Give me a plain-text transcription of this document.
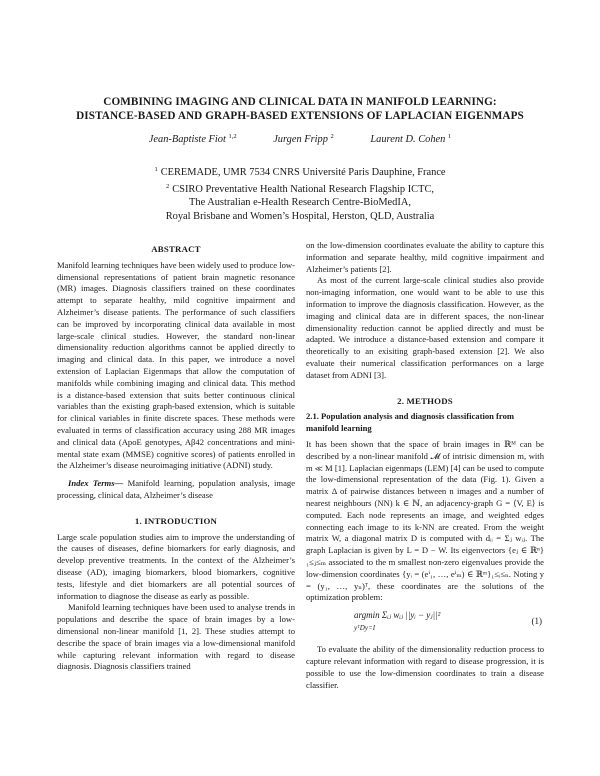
COMBINING IMAGING AND CLINICAL DATA IN MANIFOLD LEARNING:
DISTANCE-BASED AND GRAPH-BASED EXTENSIONS OF LAPLACIAN EIGENMAPS
Jean-Baptiste Fiot $^{1,2}$	Jurgen Fripp $^2$	Laurent D. Cohen $^1$
$^1$ CEREMADE, UMR 7534 CNRS Université Paris Dauphine, France
$^2$ CSIRO Preventative Health National Research Flagship ICTC,
The Australian e-Health Research Centre-BioMedIA,
Royal Brisbane and Women’s Hospital, Herston, QLD, Australia
ABSTRACT

Manifold learning techniques have been widely used to produce low-dimensional representations of patient brain magnetic resonance (MR) images. Diagnosis classifiers trained on these coordinates attempt to separate healthy, mild cognitive impairment and Alzheimer’s disease patients. The performance of such classifiers can be improved by incorporating clinical data available in most large-scale clinical studies. However, the standard non-linear dimensionality reduction algorithms cannot be applied directly to imaging and clinical data. In this paper, we introduce a novel extension of Laplacian Eigenmaps that allow the computation of manifolds while combining imaging and clinical data. This method is a distance-based extension that suits better continuous clinical variables than the existing graph-based extension, which is suitable for clinical variables in finite discrete spaces. These methods were evaluated in terms of classification accuracy using 288 MR images and clinical data (ApoE genotypes, Aβ42 concentrations and mini-mental state exam (MMSE) cognitive scores) of patients enrolled in the Alzheimer’s disease neuroimaging initiative (ADNI) study.

Index Terms— Manifold learning, population analysis, image processing, clinical data, Alzheimer’s disease

1. INTRODUCTION

Large scale population studies aim to improve the understanding of the causes of diseases, define biomarkers for early diagnosis, and develop preventive treatments. In the context of the Alzheimer’s disease (AD), imaging biomarkers, blood biomarkers, cognitive tests, lifestyle and diet biomarkers are all potential sources of information to diagnose the disease as early as possible.

Manifold learning techniques have been used to analyse trends in populations and describe the space of brain images by a low-dimensional non-linear manifold [1, 2]. These studies attempt to describe the space of brain images via a low-dimensional manifold while capturing relevant information with regard to disease diagnosis. Diagnosis classifiers trained

on the low-dimension coordinates evaluate the ability to capture this information and separate healthy, mild cognitive impairment and Alzheimer’s patients [2].

As most of the current large-scale clinical studies also provide non-imaging information, one would want to be able to use this information to improve the diagnosis classification. However, as the imaging and clinical data are in different spaces, the non-linear dimensionality reduction cannot be applied directly and must be adapted. We introduce a distance-based extension and compare it theoretically to an exisiting graph-based extension [2]. We also evaluate their numerical classification performances on a large dataset from ADNI [3].

2. METHODS
2.1. Population analysis and diagnosis classification from manifold learning

It has been shown that the space of brain images in ℝᴹ can be described by a non-linear manifold 𝓜 of intrisic dimension m, with m ≪ M [1]. Laplacian eigenmaps (LEM) [4] can be used to compute the low-dimensional representation of the data (Fig. 1). Given a matrix Δ of pairwise distances between n images and a number of nearest neighbours (NN) k ∈ ℕ, an adjacency-graph G = ⟨V, E⟩ is computed. Each node represents an image, and weighted edges connecting each image to its k-NN are created. From the weight matrix W, a diagonal matrix D is computed with dᵢᵢ = Σⱼ wᵢⱼ. The graph Laplacian is given by L = D − W. Its eigenvectors {eⱼ ∈ ℝⁿ}₁≤ⱼ≤ₘ associated to the m smallest non-zero eigenvalues provide the low-dimension coordinates {yᵢ = (eⁱ₁, …, eⁱₘ) ∈ ℝᵐ}₁≤ᵢ≤ₙ. Noting y = (y₁, …, yₙ)ᵀ, these coordinates are the solutions of the optimization problem:

argmin Σᵢⱼ wᵢⱼ ||yᵢ − yⱼ||²
yᵀDy=I
(1)

To evaluate the ability of the dimensionality reduction process to capture relevant information with regard to disease progression, it is possible to use the low-dimension coordinates to train a disease classifier.
